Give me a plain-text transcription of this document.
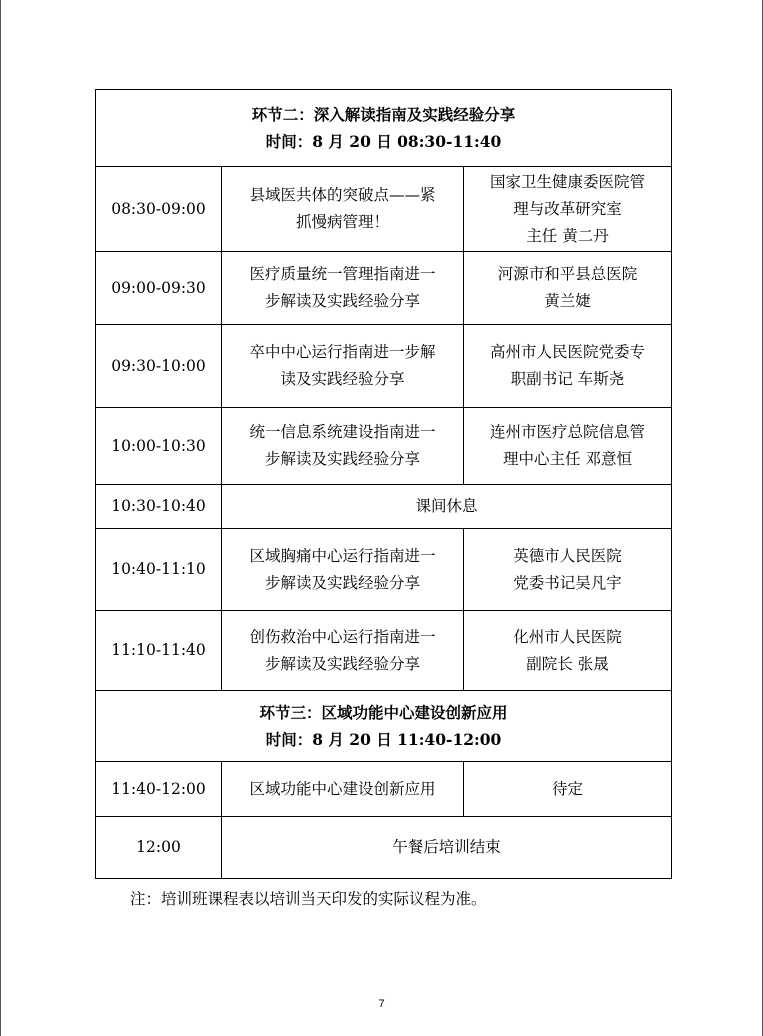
环节二：深入解读指南及实践经验分享
时间：8 月 20 日 08:30-11:40		

08:30-09:00	县域医共体的突破点——紧
抓慢病管理！	国家卫生健康委医院管
理与改革研究室
主任 黄二丹

09:00-09:30	医疗质量统一管理指南进一
步解读及实践经验分享	河源市和平县总医院
黄兰婕

09:30-10:00	卒中中心运行指南进一步解
读及实践经验分享	高州市人民医院党委专
职副书记 车斯尧

10:00-10:30	统一信息系统建设指南进一
步解读及实践经验分享	连州市医疗总院信息管
理中心主任 邓意恒

10:30-10:40	课间休息	
10:40-11:10	区域胸痛中心运行指南进一
步解读及实践经验分享	英德市人民医院
党委书记吴凡宇

11:10-11:40	创伤救治中心运行指南进一
步解读及实践经验分享	化州市人民医院
副院长 张晟

环节三：区域功能中心建设创新应用
时间：8 月 20 日 11:40-12:00		

11:40-12:00	区域功能中心建设创新应用	待定
12:00	午餐后培训结束	
注：培训班课程表以培训当天印发的实际议程为准。
7
